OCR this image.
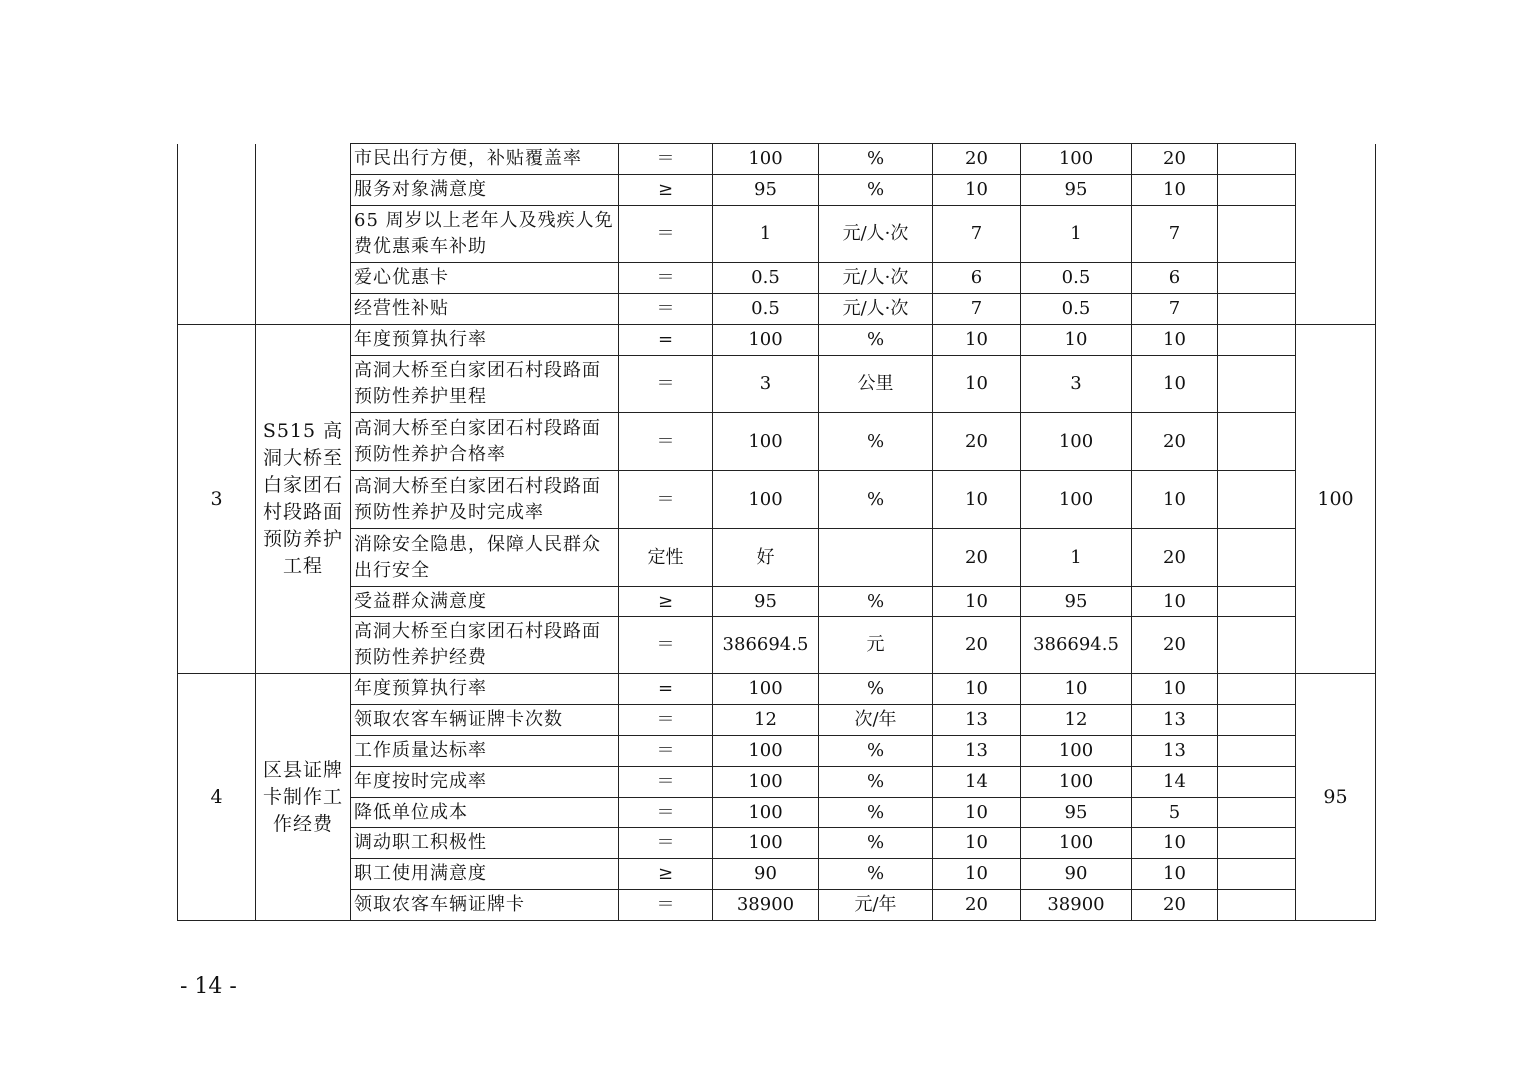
		市民出行方便，补贴覆盖率	＝	100	%	20	100	20		
		服务对象满意度	≥	95	%	10	95	10		
		65 周岁以上老年人及残疾人免费优惠乘车补助	＝	1	元/人·次	7	1	7		
		爱心优惠卡	＝	0.5	元/人·次	6	0.5	6		
		经营性补贴	＝	0.5	元/人·次	7	0.5	7		
3	S515 高洞大桥至白家团石村段路面预防养护工程	年度预算执行率	=	100	%	10	10	10		100
		高洞大桥至白家团石村段路面预防性养护里程	＝	3	公里	10	3	10		
		高洞大桥至白家团石村段路面预防性养护合格率	＝	100	%	20	100	20		
		高洞大桥至白家团石村段路面预防性养护及时完成率	＝	100	%	10	100	10		
		消除安全隐患，保障人民群众出行安全	定性	好		20	1	20		
		受益群众满意度	≥	95	%	10	95	10		
		高洞大桥至白家团石村段路面预防性养护经费	＝	386694.5	元	20	386694.5	20		
4	区县证牌卡制作工作经费	年度预算执行率	=	100	%	10	10	10		95
		领取农客车辆证牌卡次数	＝	12	次/年	13	12	13		
		工作质量达标率	＝	100	%	13	100	13		
		年度按时完成率	＝	100	%	14	100	14		
		降低单位成本	＝	100	%	10	95	5		
		调动职工积极性	＝	100	%	10	100	10		
		职工使用满意度	≥	90	%	10	90	10		
		领取农客车辆证牌卡	＝	38900	元/年	20	38900	20		
- 14 -
